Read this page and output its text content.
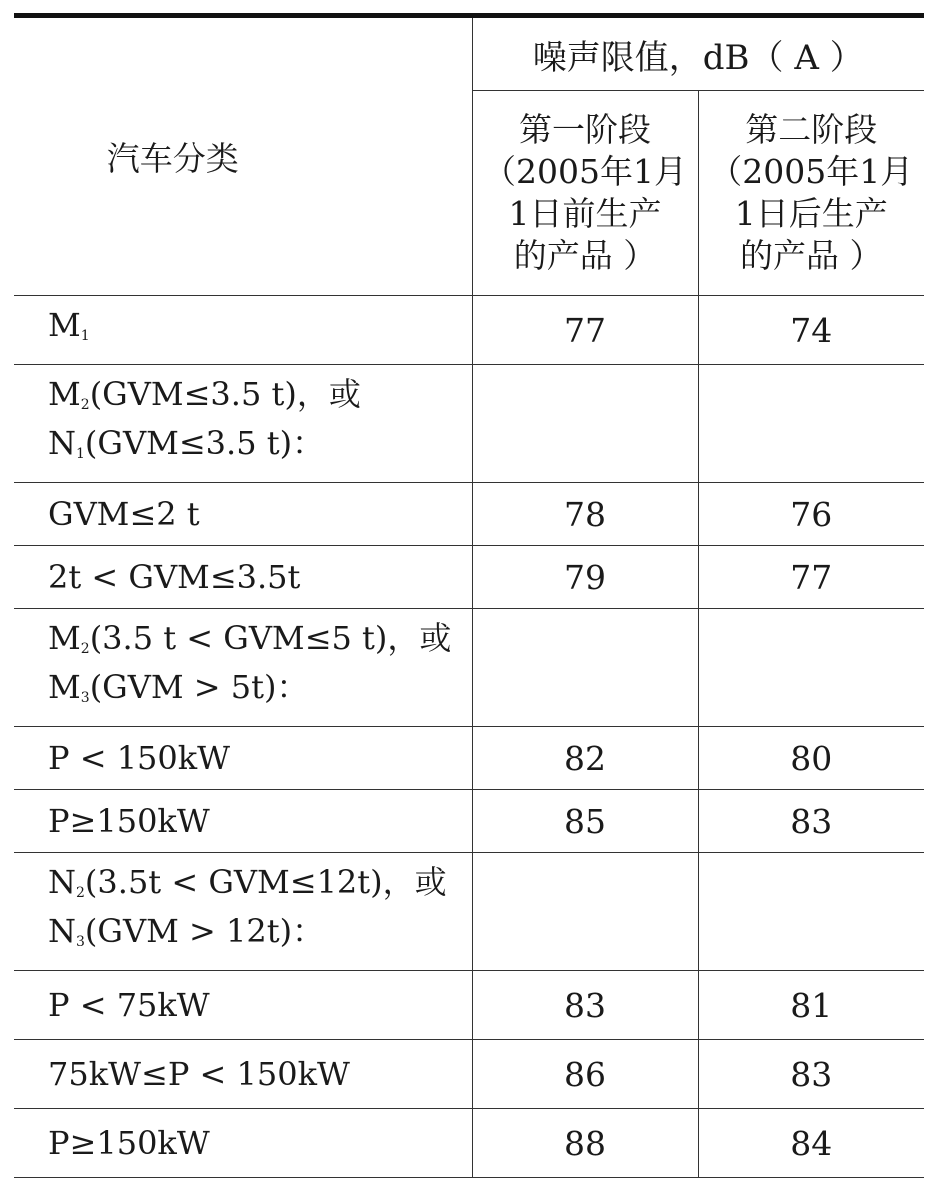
汽车分类	噪声限值，dB（ A ）	

	第一阶段
（2005年1月
1日前生产
的产品 ）	第二阶段
（2005年1月
1日后生产
的产品 ）

$M_1$	77	74
$M_2(GVM\le 3.5$ t)，或
$N_1(GVM\le 3.5$ t)：		
GVM≤2 t	78	76
2t < GVM≤3.5t	79	77
$M_2(3.5$ t < GVM≤5 t)，或
$M_3(GVM > 5t)$：		
P < 150kW	82	80
P≥150kW	85	83
$N_2(3.5t < GVM\le 12t)$，或
$N_3(GVM > 12t)$：		
P < 75kW	83	81
75kW≤P < 150kW	86	83
P≥150kW	88	84
